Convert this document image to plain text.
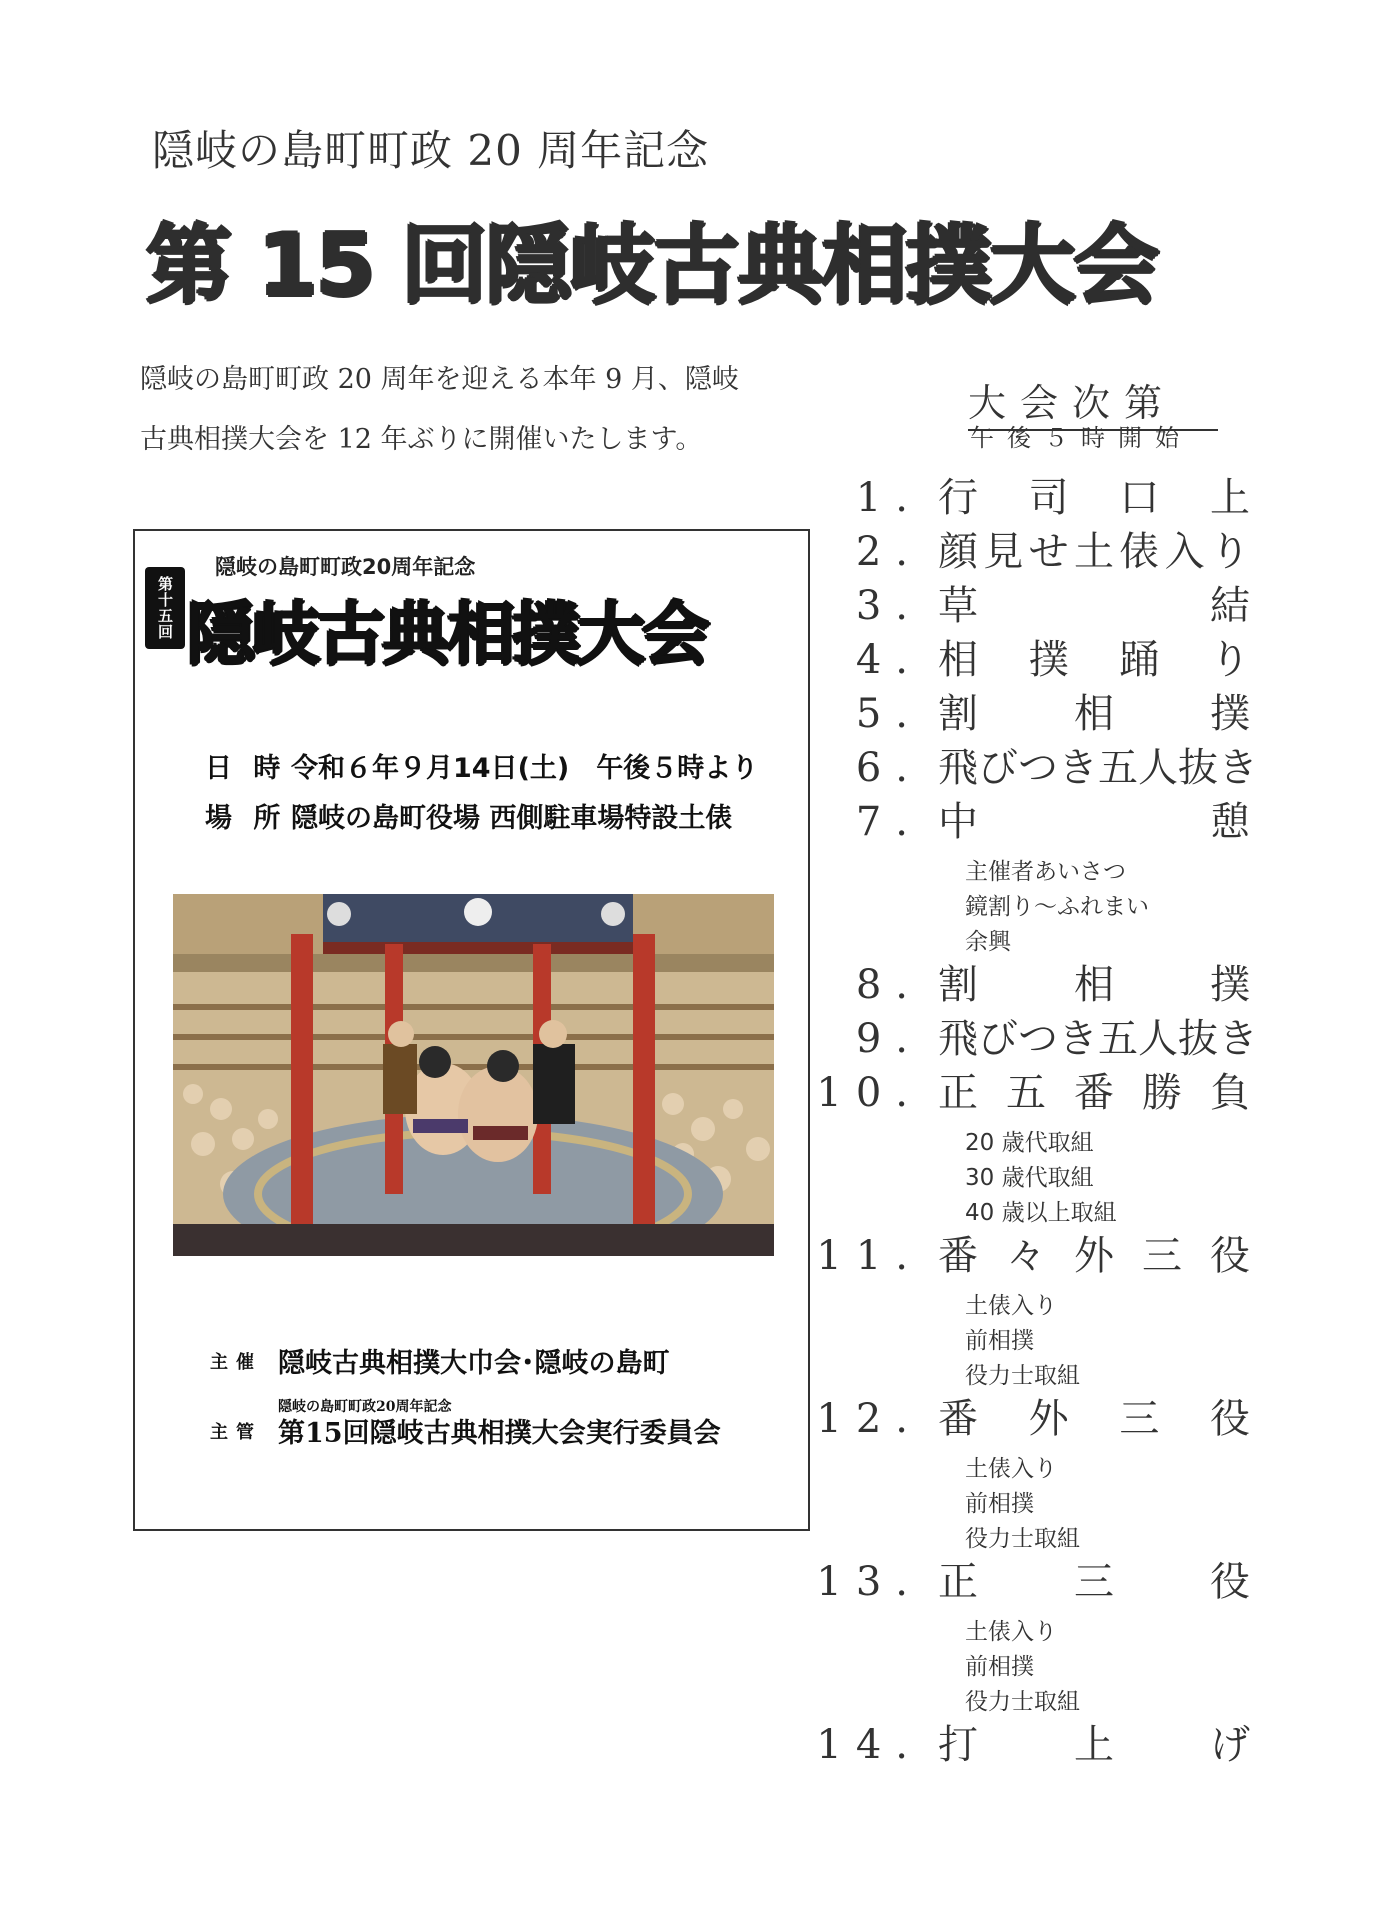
隠岐の島町町政 20 周年記念
第 15 回隠岐古典相撲大会
隠岐の島町町政 20 周年を迎える本年 9 月、隠岐
古典相撲大会を 12 年ぶりに開催いたします。
隠岐の島町町政20周年記念
第十五回 隠岐古典相撲大会
日 時 令和６年９月14日(土)　午後５時より
場 所 隠岐の島町役場 西側駐車場特設土俵
主催 隠岐古典相撲大巾会･隠岐の島町
隠岐の島町町政20周年記念
主管 第15回隠岐古典相撲大会実行委員会
大会次第
午後５時開始
1. 行 司 口 上
2. 顔 見 せ 土 俵 入 り
3. 草	結
4. 相 撲 踊 り
5. 割 相 撲
6. 飛 び つ き 五 人 抜 き
7. 中	憩
主催者あいさつ
鏡割り～ふれまい
余興
8. 割 相 撲
9. 飛 び つ き 五 人 抜 き
10. 正 五 番 勝 負
20 歳代取組
30 歳代取組
40 歳以上取組
11. 番 々 外 三 役
土俵入り
前相撲
役力士取組
12. 番 外 三 役
土俵入り
前相撲
役力士取組
13. 正 三 役
土俵入り
前相撲
役力士取組
14. 打 上 げ
